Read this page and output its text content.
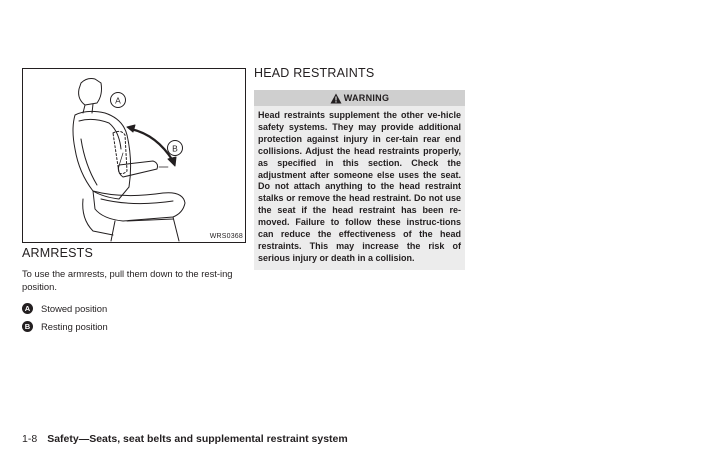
A
B
WRS0368
ARMRESTS

To use the armrests, pull them down to the rest-ing position.

A Stowed position
B Resting position
HEAD RESTRAINTS
WARNING
Head restraints supplement the other ve-hicle safety systems. They may provide additional protection against injury in cer-tain rear end collisions. Adjust the head restraints properly, as specified in this section. Check the adjustment after someone else uses the seat. Do not attach anything to the head restraint stalks or remove the head restraint. Do not use the seat if the head restraint has been re-moved. Failure to follow these instruc-tions can reduce the effectiveness of the head restraints. This may increase the risk of serious injury or death in a collision.
1-8 Safety—Seats, seat belts and supplemental restraint system
